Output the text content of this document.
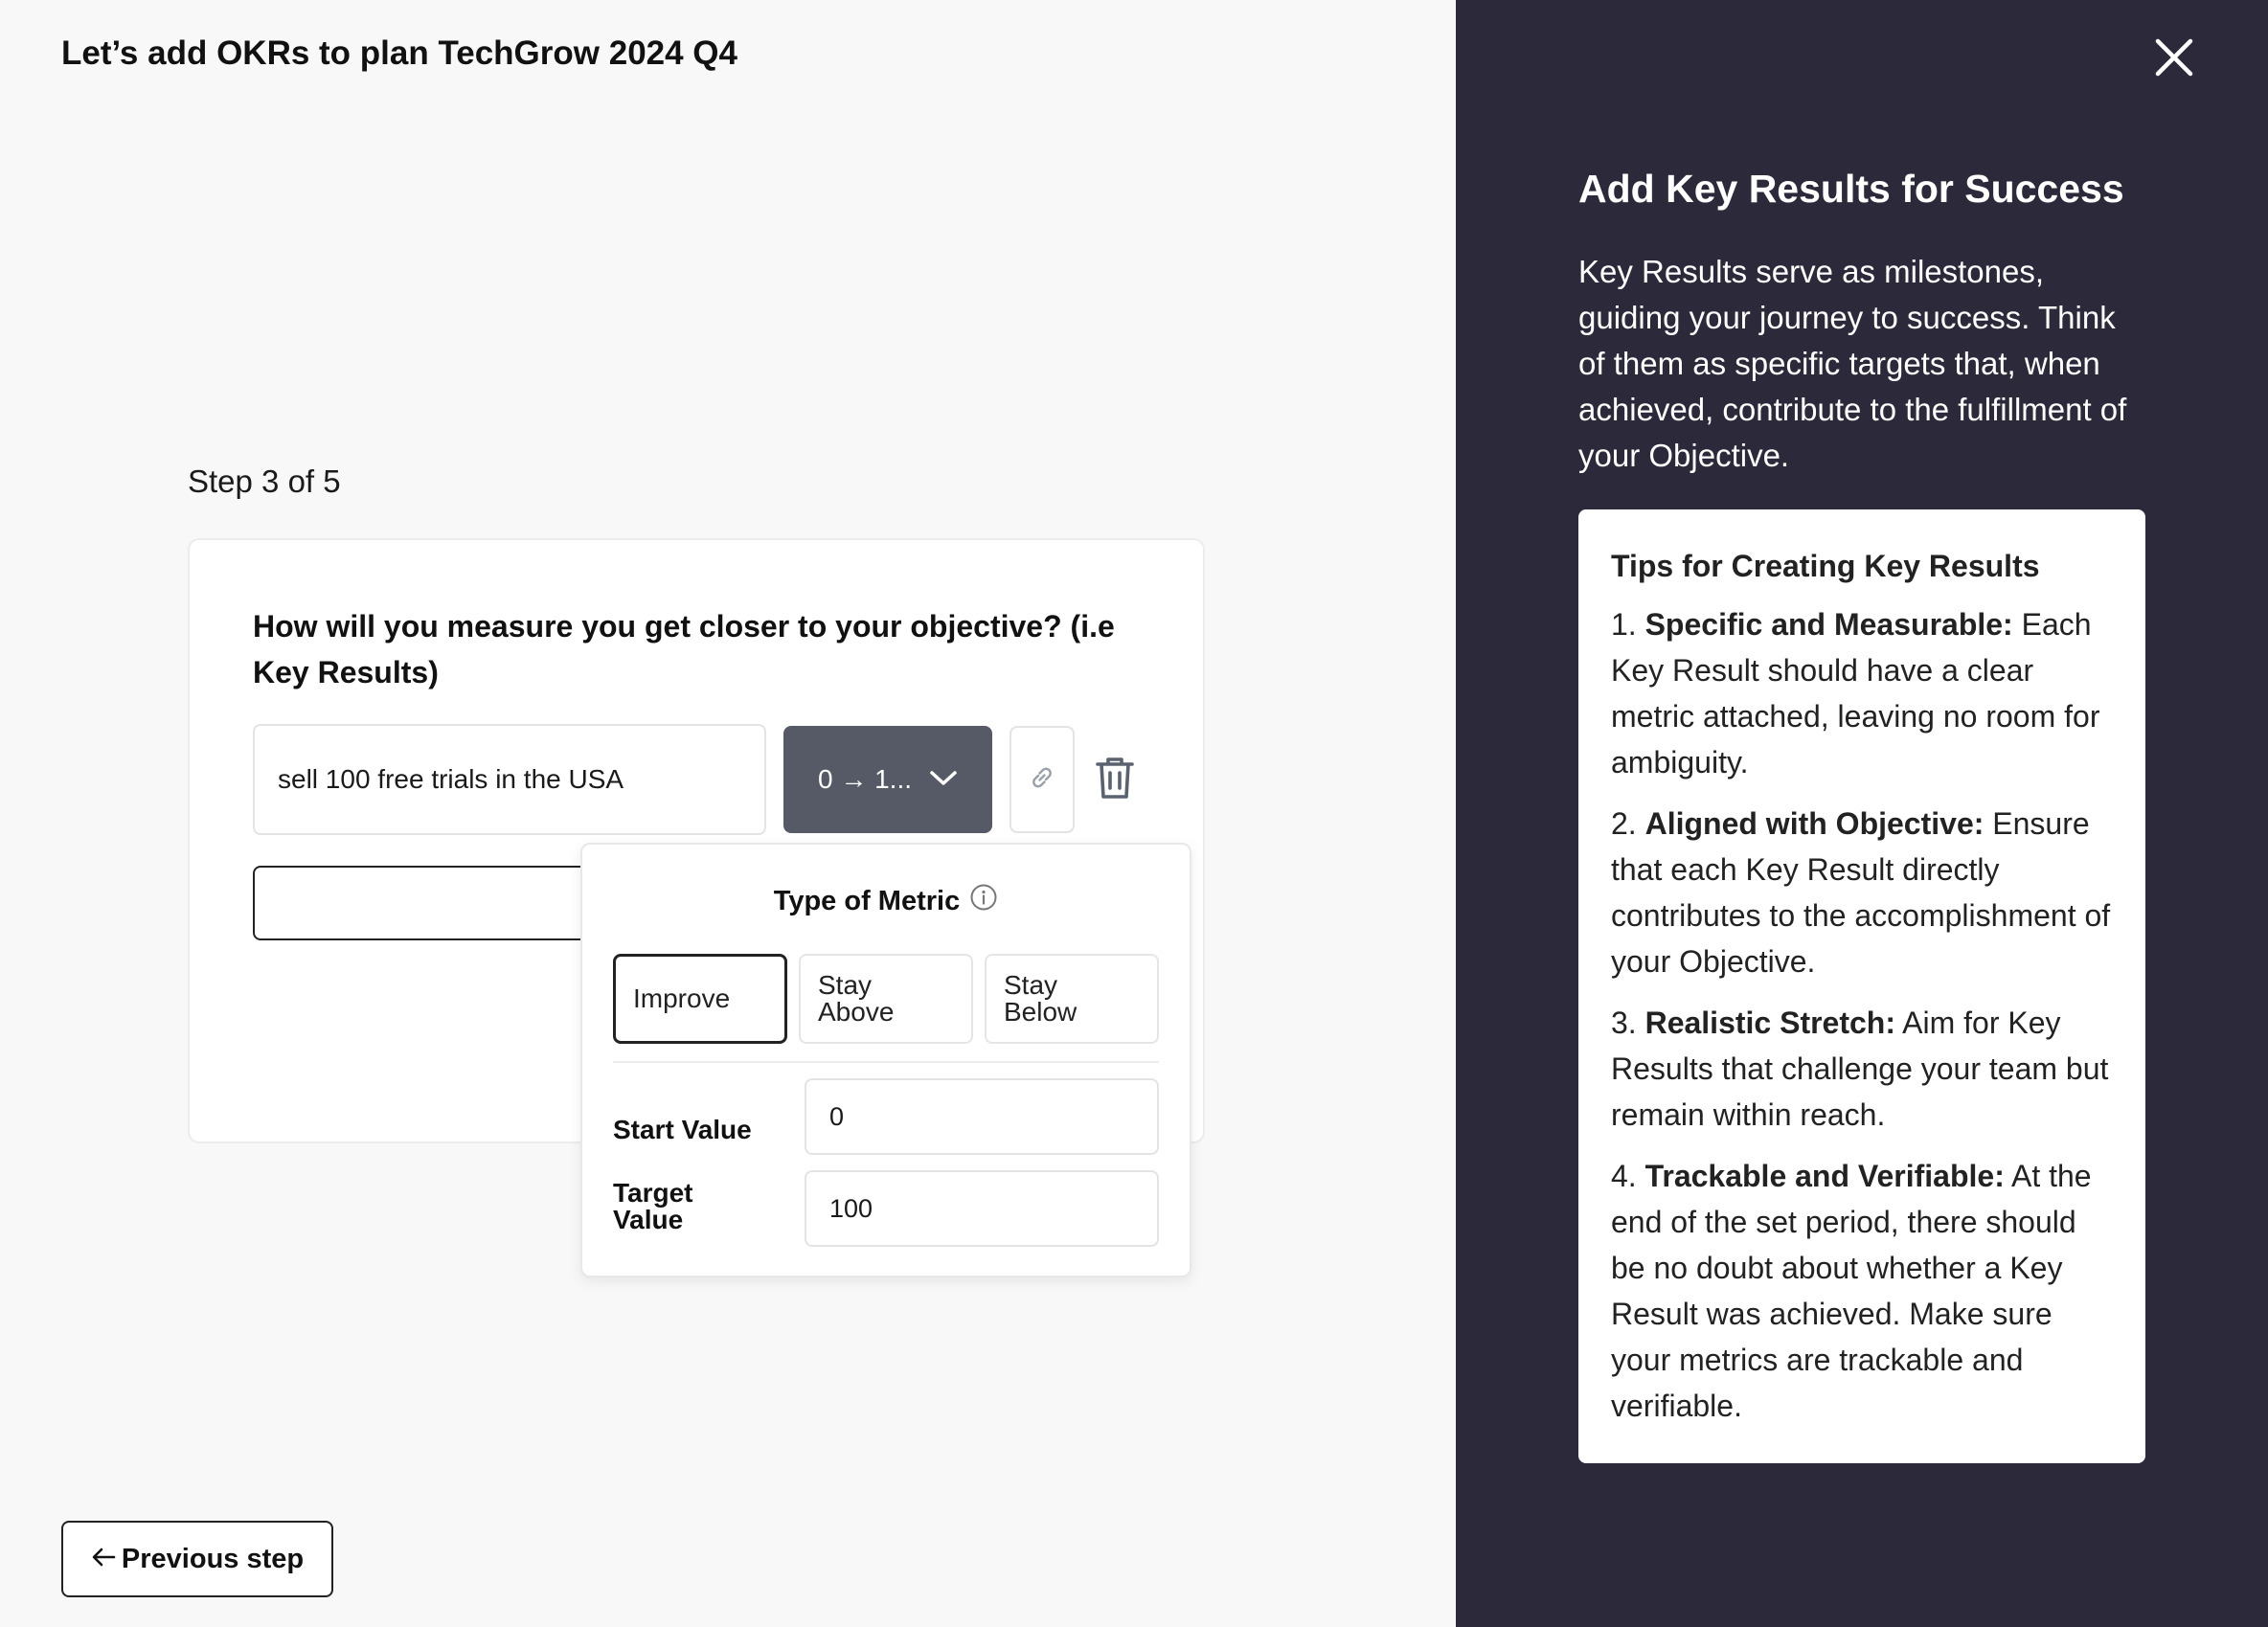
Let’s add OKRs to plan TechGrow 2024 Q4
Step 3 of 5

How will you measure you get closer to your objective? (i.e Key Results)

sell 100 free trials in the USA
0 → 1...
Type of Metric
Improve	Stay Above
Stay Below
Start Value
0
Target Value
100
Previous step
Add Key Results for Success

Key Results serve as milestones, guiding your journey to success. Think of them as specific targets that, when achieved, contribute to the fulfillment of your Objective.

Tips for Creating Key Results

1. Specific and Measurable: Each Key Result should have a clear metric attached, leaving no room for ambiguity.

2. Aligned with Objective: Ensure that each Key Result directly contributes to the accomplishment of your Objective.

3. Realistic Stretch: Aim for Key Results that challenge your team but remain within reach.

4. Trackable and Verifiable: At the end of the set period, there should be no doubt about whether a Key Result was achieved. Make sure your metrics are trackable and verifiable.
